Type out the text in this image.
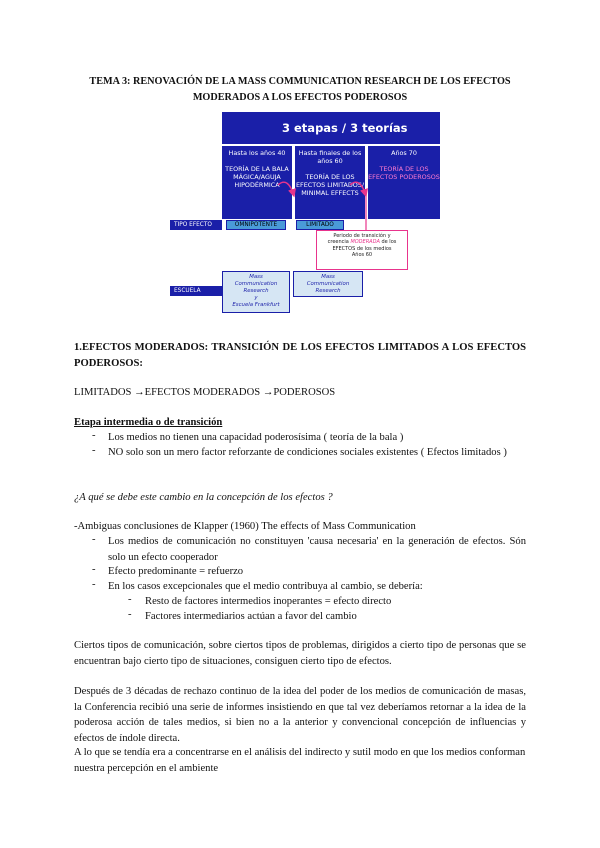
TEMA 3: RENOVACIÓN DE LA MASS COMMUNICATION RESEARCH DE LOS EFECTOS
MODERADOS A LOS EFECTOS PODEROSOS
3 etapas / 3 teorías
Hasta los años 40
TEORÍA DE LA BALA MÁGICA/AGUJA HIPODÉRMICA
Hasta finales de los años 60
TEORÍA DE LOS EFECTOS LIMITADOS/ MINIMAL EFFECTS
Años 70
TEORÍA DE LOS EFECTOS PODEROSOS
TIPO EFECTO	OMNIPOTENTE	LIMITADO
ESCUELA
Mass
Communication
Research
y
Escuela Frankfurt
Mass
Communication
Research
Periodo de transición y
creencia MODERADA de los
EFECTOS de los medios
Años 60
1.EFECTOS MODERADOS: TRANSICIÓN DE LOS EFECTOS LIMITADOS A LOS EFECTOS PODEROSOS:
LIMITADOS →EFECTOS MODERADOS →PODEROSOS
Etapa intermedia o de transición
- Los medios no tienen una capacidad poderosísima ( teoría de la bala )
- NO solo son un mero factor reforzante de condiciones sociales existentes ( Efectos limitados )
¿A qué se debe este cambio en la concepción de los efectos ?
-Ambiguas conclusiones de Klapper (1960) The effects of Mass Communication
- Los medios de comunicación no constituyen 'causa necesaria' en la generación de efectos. Són solo un efecto cooperador
- Efecto predominante = refuerzo
- En los casos excepcionales que el medio contribuya al cambio, se debería:
- Resto de factores intermedios inoperantes = efecto directo
- Factores intermediarios actúan a favor del cambio
Ciertos tipos de comunicación, sobre ciertos tipos de problemas, dirigidos a cierto tipo de personas que se encuentran bajo cierto tipo de situaciones, consiguen cierto tipo de efectos.
Después de 3 décadas de rechazo continuo de la idea del poder de los medios de comunicación de masas, la Conferencia recibió una serie de informes insistiendo en que tal vez deberíamos retornar a la idea de la poderosa acción de tales medios, si bien no a la anterior y convencional concepción de influencias y efectos de índole directa.
A lo que se tendía era a concentrarse en el análisis del indirecto y sutil modo en que los medios conforman nuestra percepción en el ambiente
